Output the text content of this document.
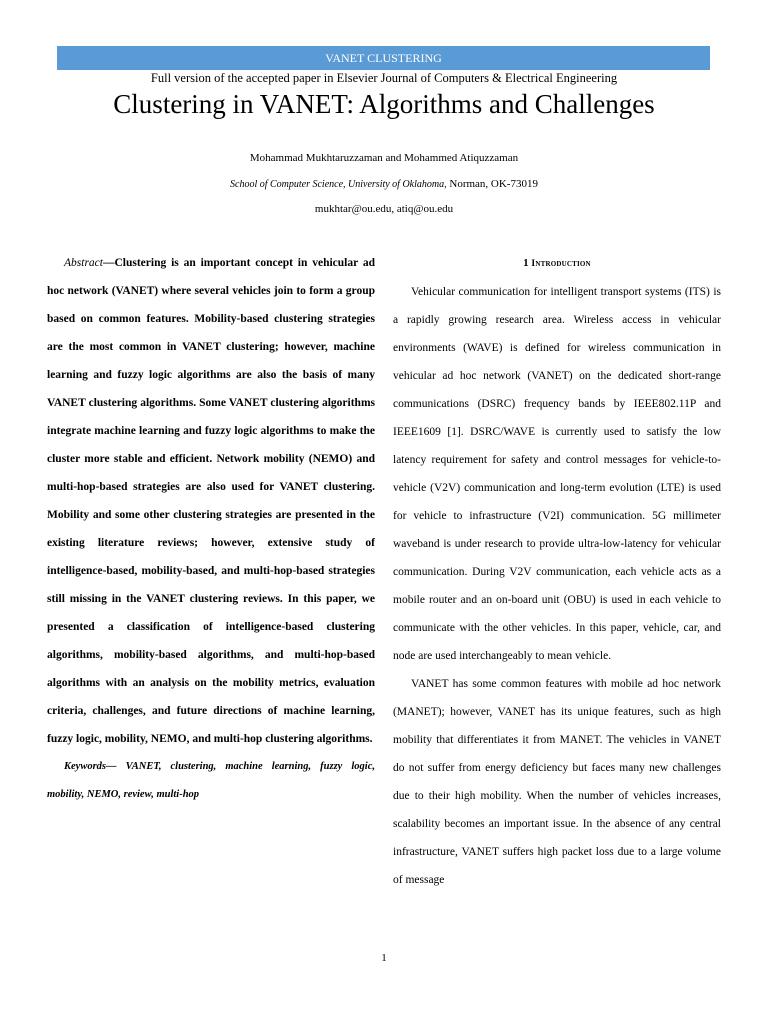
VANET CLUSTERING
Full version of the accepted paper in Elsevier Journal of Computers & Electrical Engineering
Clustering in VANET: Algorithms and Challenges
Mohammad Mukhtaruzzaman and Mohammed Atiquzzaman
School of Computer Science, University of Oklahoma, Norman, OK-73019
mukhtar@ou.edu, atiq@ou.edu

Abstract—Clustering is an important concept in vehicular ad hoc network (VANET) where several vehicles join to form a group based on common features. Mobility-based clustering strategies are the most common in VANET clustering; however, machine learning and fuzzy logic algorithms are also the basis of many VANET clustering algorithms. Some VANET clustering algorithms integrate machine learning and fuzzy logic algorithms to make the cluster more stable and efficient. Network mobility (NEMO) and multi-hop-based strategies are also used for VANET clustering. Mobility and some other clustering strategies are presented in the existing literature reviews; however, extensive study of intelligence-based, mobility-based, and multi-hop-based strategies still missing in the VANET clustering reviews. In this paper, we presented a classification of intelligence-based clustering algorithms, mobility-based algorithms, and multi-hop-based algorithms with an analysis on the mobility metrics, evaluation criteria, challenges, and future directions of machine learning, fuzzy logic, mobility, NEMO, and multi-hop clustering algorithms.

Keywords— VANET, clustering, machine learning, fuzzy logic, mobility, NEMO, review, multi-hop

1 Introduction

Vehicular communication for intelligent transport systems (ITS) is a rapidly growing research area. Wireless access in vehicular environments (WAVE) is defined for wireless communication in vehicular ad hoc network (VANET) on the dedicated short-range communications (DSRC) frequency bands by IEEE802.11P and IEEE1609 [1]. DSRC/WAVE is currently used to satisfy the low latency requirement for safety and control messages for vehicle-to-vehicle (V2V) communication and long-term evolution (LTE) is used for vehicle to infrastructure (V2I) communication. 5G millimeter waveband is under research to provide ultra-low-latency for vehicular communication. During V2V communication, each vehicle acts as a mobile router and an on-board unit (OBU) is used in each vehicle to communicate with the other vehicles. In this paper, vehicle, car, and node are used interchangeably to mean vehicle.

VANET has some common features with mobile ad hoc network (MANET); however, VANET has its unique features, such as high mobility that differentiates it from MANET. The vehicles in VANET do not suffer from energy deficiency but faces many new challenges due to their high mobility. When the number of vehicles increases, scalability becomes an important issue. In the absence of any central infrastructure, VANET suffers high packet loss due to a large volume of message

1
